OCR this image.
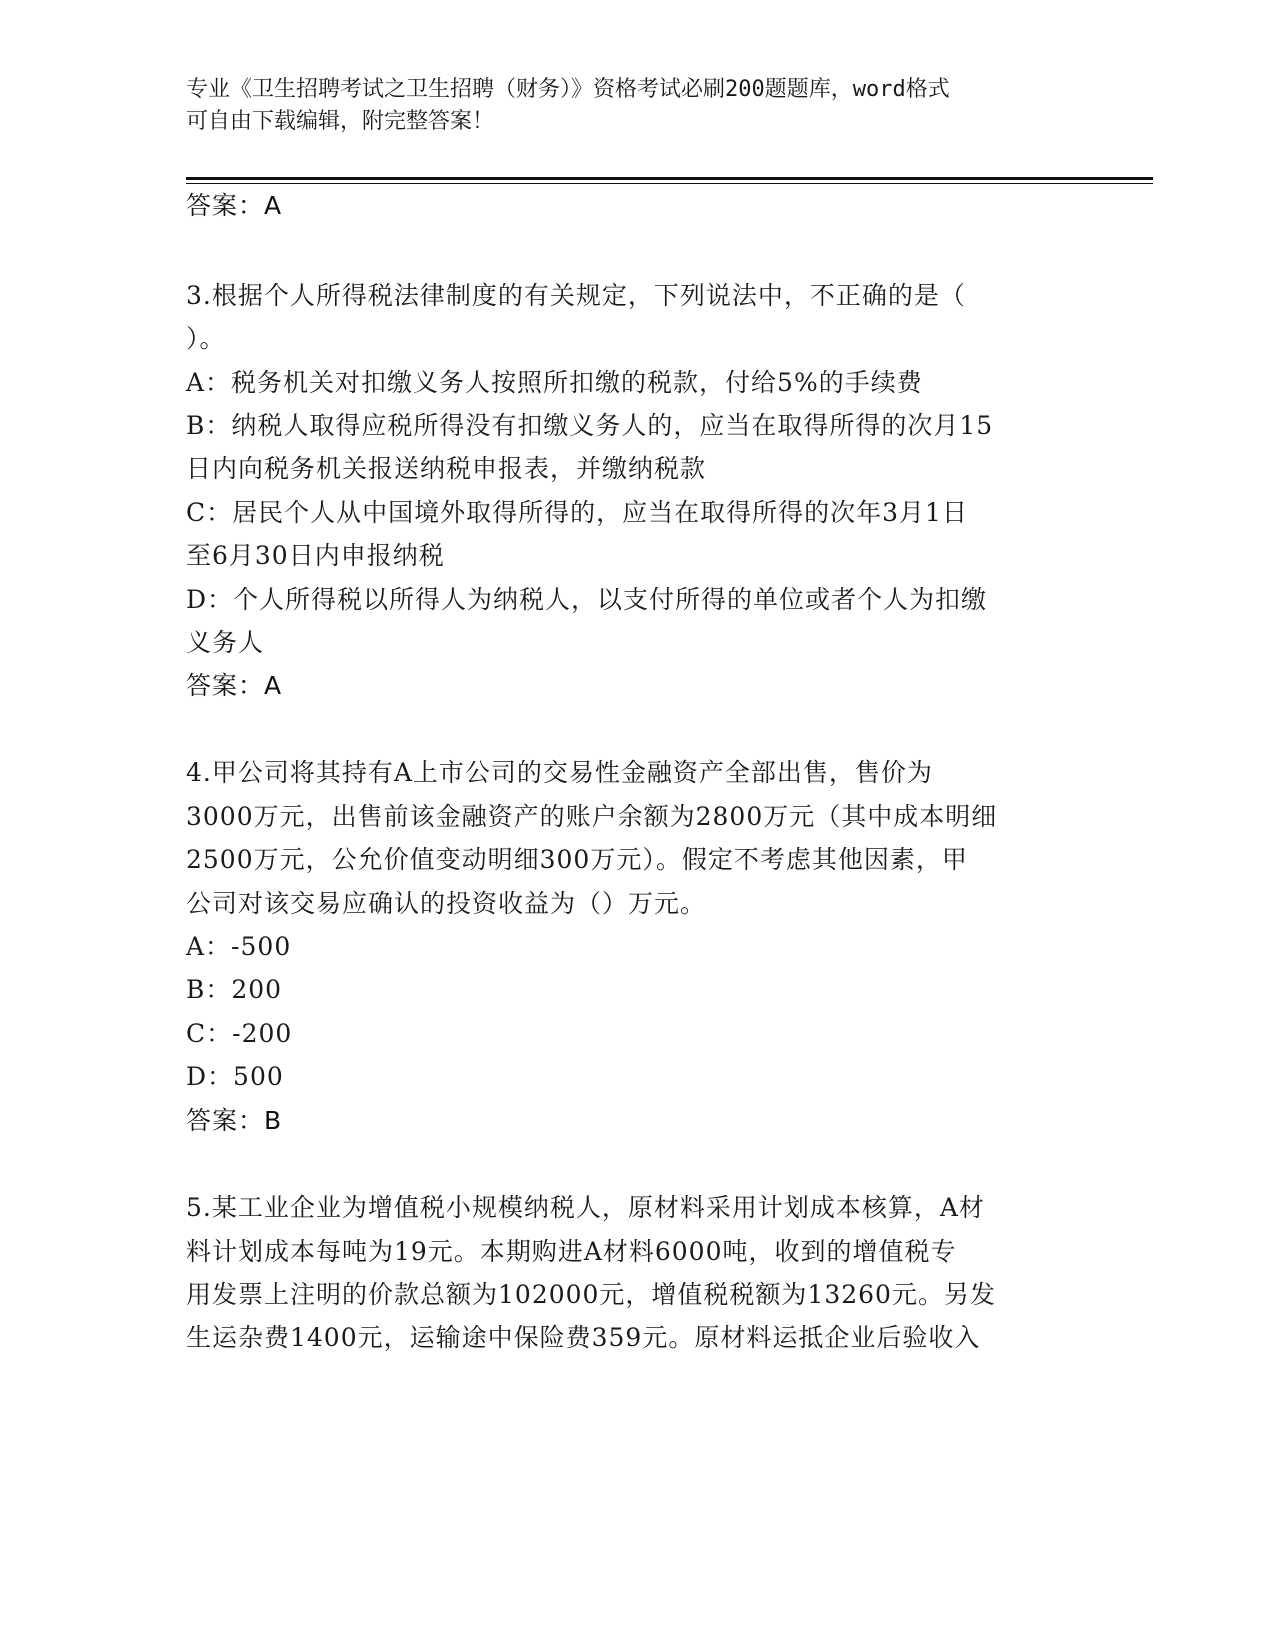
专业《卫生招聘考试之卫生招聘（财务）》资格考试必刷200题题库，word格式
可自由下载编辑，附完整答案！
答案：A
3.根据个人所得税法律制度的有关规定，下列说法中，不正确的是（
）。
A：税务机关对扣缴义务人按照所扣缴的税款，付给5%的手续费
B：纳税人取得应税所得没有扣缴义务人的，应当在取得所得的次月15
日内向税务机关报送纳税申报表，并缴纳税款
C：居民个人从中国境外取得所得的，应当在取得所得的次年3月1日
至6月30日内申报纳税
D：个人所得税以所得人为纳税人，以支付所得的单位或者个人为扣缴
义务人
答案：A
4.甲公司将其持有A上市公司的交易性金融资产全部出售，售价为
3000万元，出售前该金融资产的账户余额为2800万元（其中成本明细
2500万元，公允价值变动明细300万元）。假定不考虑其他因素，甲
公司对该交易应确认的投资收益为（）万元。
A：-500
B：200
C：-200
D：500
答案：B
5.某工业企业为增值税小规模纳税人，原材料采用计划成本核算，A材
料计划成本每吨为19元。本期购进A材料6000吨，收到的增值税专
用发票上注明的价款总额为102000元，增值税税额为13260元。另发
生运杂费1400元，运输途中保险费359元。原材料运抵企业后验收入
